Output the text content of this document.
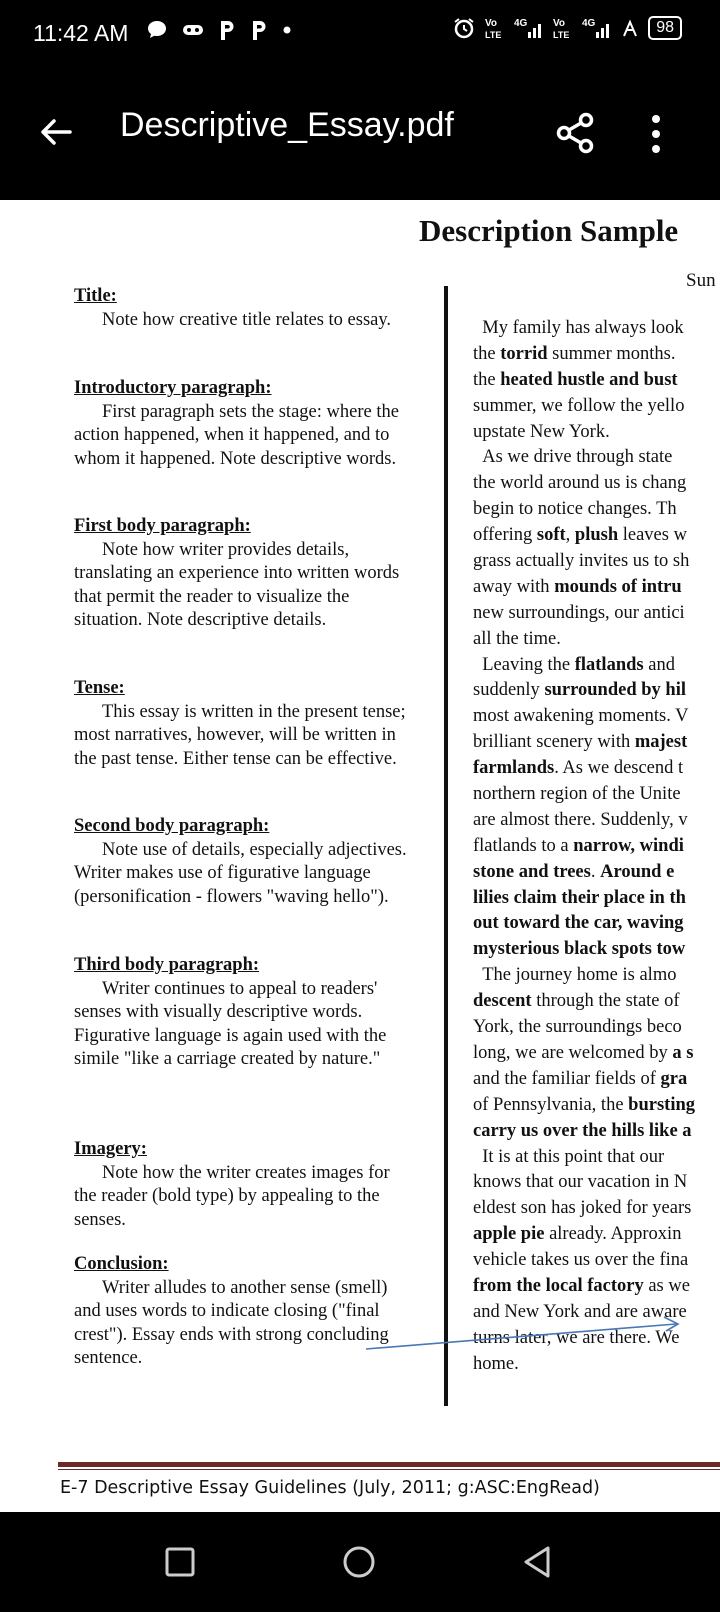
11:42 AM	Vo
LTE
4G	Vo
LTE
4G	98
Descriptive_Essay.pdf
Description Sample
Sun
Title:
Note how creative title relates to essay.
Introductory paragraph:
First paragraph sets the stage: where the action happened, when it happened, and to whom it happened. Note descriptive words.
First body paragraph:
Note how writer provides details, translating an experience into written words that permit the reader to visualize the situation. Note descriptive details.
Tense:
This essay is written in the present tense; most narratives, however, will be written in the past tense. Either tense can be effective.
Second body paragraph:
Note use of details, especially adjectives. Writer makes use of figurative language (personification - flowers "waving hello").
Third body paragraph:
Writer continues to appeal to readers' senses with visually descriptive words. Figurative language is again used with the simile "like a carriage created by nature."
Imagery:
Note how the writer creates images for the reader (bold type) by appealing to the senses.
Conclusion:
Writer alludes to another sense (smell) and uses words to indicate closing ("final crest"). Essay ends with strong concluding sentence.
My family has always look
the torrid summer months.
the heated hustle and bust
summer, we follow the yello
upstate New York.
As we drive through state
the world around us is chang
begin to notice changes. Th
offering soft, plush leaves w
grass actually invites us to sh
away with mounds of intru
new surroundings, our antici
all the time.
Leaving the flatlands and
suddenly surrounded by hil
most awakening moments. V
brilliant scenery with majest
farmlands. As we descend t
northern region of the Unite
are almost there. Suddenly, v
flatlands to a narrow, windi
stone and trees. Around e
lilies claim their place in th
out toward the car, waving
mysterious black spots tow
The journey home is almo
descent through the state of
York, the surroundings beco
long, we are welcomed by a s
and the familiar fields of gra
of Pennsylvania, the bursting
carry us over the hills like a
It is at this point that our
knows that our vacation in N
eldest son has joked for years
apple pie already. Approxin
vehicle takes us over the fina
from the local factory as we
and New York and are aware
turns later, we are there. We
home.
E-7 Descriptive Essay Guidelines (July, 2011; g:ASC:EngRead)
